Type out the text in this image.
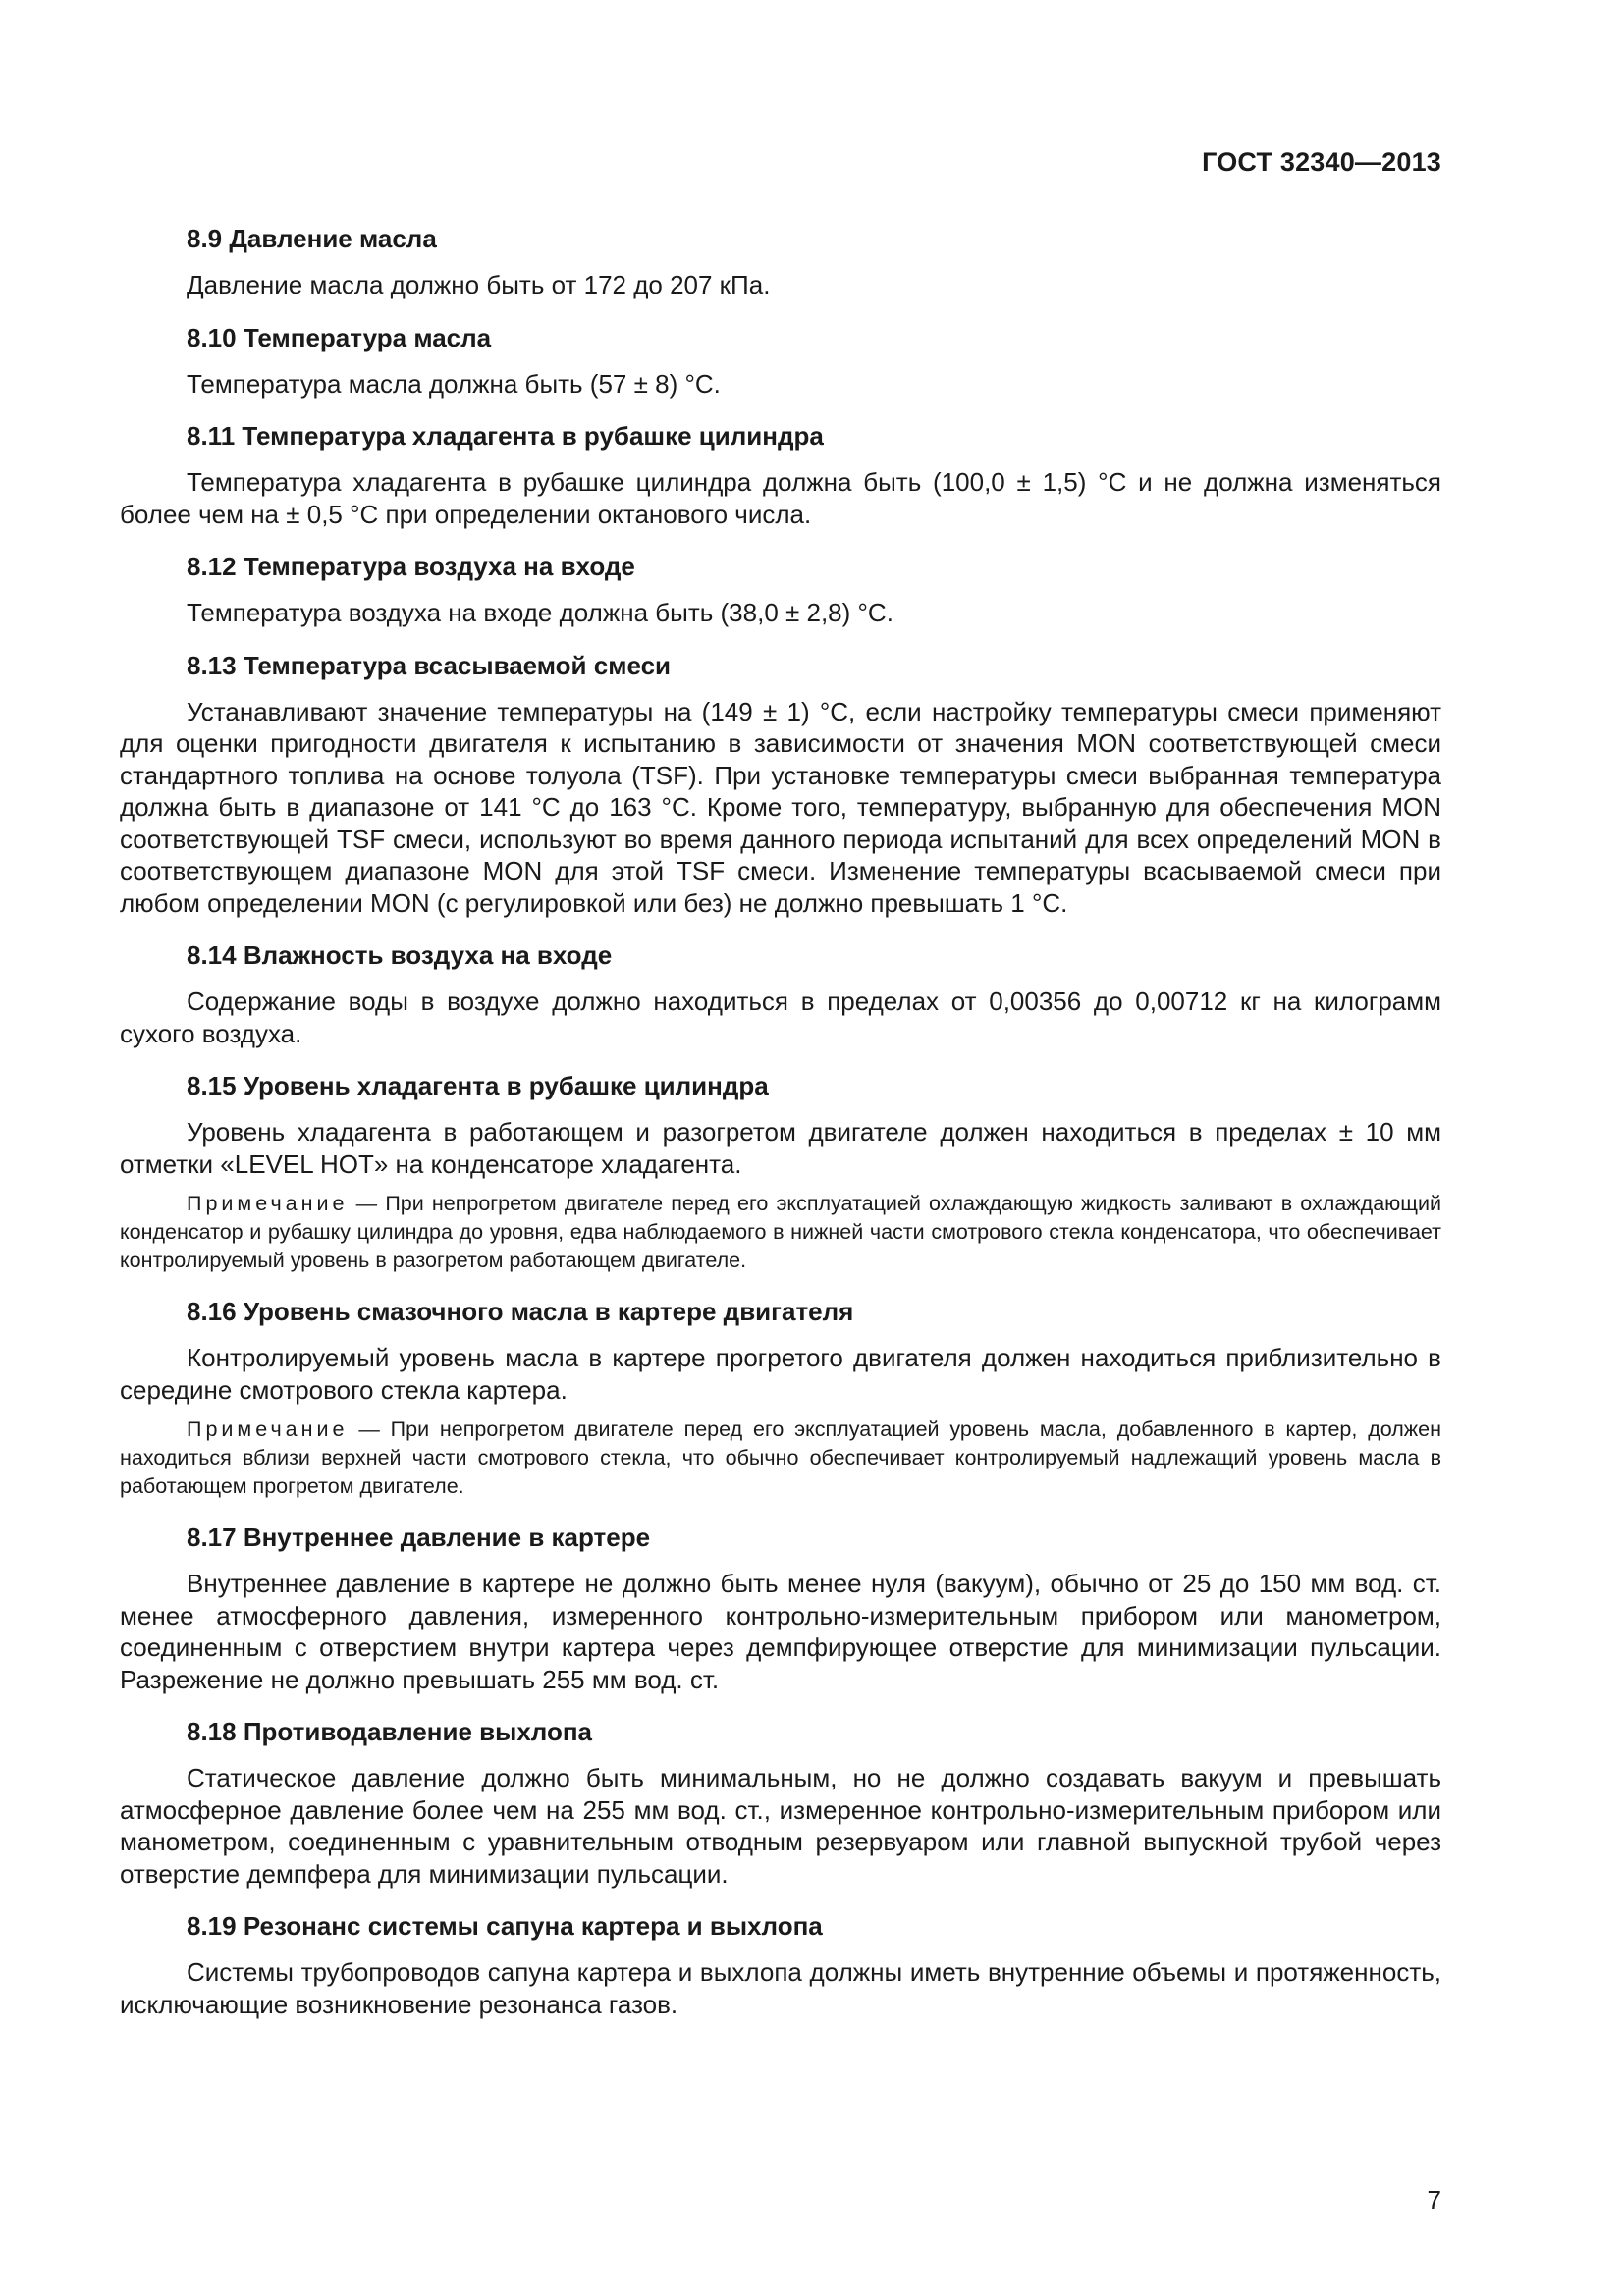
ГОСТ 32340—2013
8.9 Давление масла

Давление масла должно быть от 172 до 207 кПа.

8.10 Температура масла

Температура масла должна быть (57 ± 8) °С.

8.11 Температура хладагента в рубашке цилиндра

Температура хладагента в рубашке цилиндра должна быть (100,0 ± 1,5) °С и не должна изменяться более чем на ± 0,5 °С при определении октанового числа.

8.12 Температура воздуха на входе

Температура воздуха на входе должна быть (38,0 ± 2,8) °С.

8.13 Температура всасываемой смеси

Устанавливают значение температуры на (149 ± 1) °С, если настройку температуры смеси применяют для оценки пригодности двигателя к испытанию в зависимости от значения MON соответствующей смеси стандартного топлива на основе толуола (TSF). При установке температуры смеси выбранная температура должна быть в диапазоне от 141 °С до 163 °С. Кроме того, температуру, выбранную для обеспечения MON соответствующей TSF смеси, используют во время данного периода испытаний для всех определений MON в соответствующем диапазоне MON для этой TSF смеси. Изменение температуры всасываемой смеси при любом определении MON (с регулировкой или без) не должно превышать 1 °С.

8.14 Влажность воздуха на входе

Содержание воды в воздухе должно находиться в пределах от 0,00356 до 0,00712 кг на килограмм сухого воздуха.

8.15 Уровень хладагента в рубашке цилиндра

Уровень хладагента в работающем и разогретом двигателе должен находиться в пределах ± 10 мм отметки «LEVEL HOT» на конденсаторе хладагента.

Примечание — При непрогретом двигателе перед его эксплуатацией охлаждающую жидкость заливают в охлаждающий конденсатор и рубашку цилиндра до уровня, едва наблюдаемого в нижней части смотрового стекла конденсатора, что обеспечивает контролируемый уровень в разогретом работающем двигателе.

8.16 Уровень смазочного масла в картере двигателя

Контролируемый уровень масла в картере прогретого двигателя должен находиться приблизительно в середине смотрового стекла картера.

Примечание — При непрогретом двигателе перед его эксплуатацией уровень масла, добавленного в картер, должен находиться вблизи верхней части смотрового стекла, что обычно обеспечивает контролируемый надлежащий уровень масла в работающем прогретом двигателе.

8.17 Внутреннее давление в картере

Внутреннее давление в картере не должно быть менее нуля (вакуум), обычно от 25 до 150 мм вод. ст. менее атмосферного давления, измеренного контрольно-измерительным прибором или манометром, соединенным с отверстием внутри картера через демпфирующее отверстие для минимизации пульсации. Разрежение не должно превышать 255 мм вод. ст.

8.18 Противодавление выхлопа

Статическое давление должно быть минимальным, но не должно создавать вакуум и превышать атмосферное давление более чем на 255 мм вод. ст., измеренное контрольно-измерительным прибором или манометром, соединенным с уравнительным отводным резервуаром или главной выпускной трубой через отверстие демпфера для минимизации пульсации.

8.19 Резонанс системы сапуна картера и выхлопа

Системы трубопроводов сапуна картера и выхлопа должны иметь внутренние объемы и протяженность, исключающие возникновение резонанса газов.

7
